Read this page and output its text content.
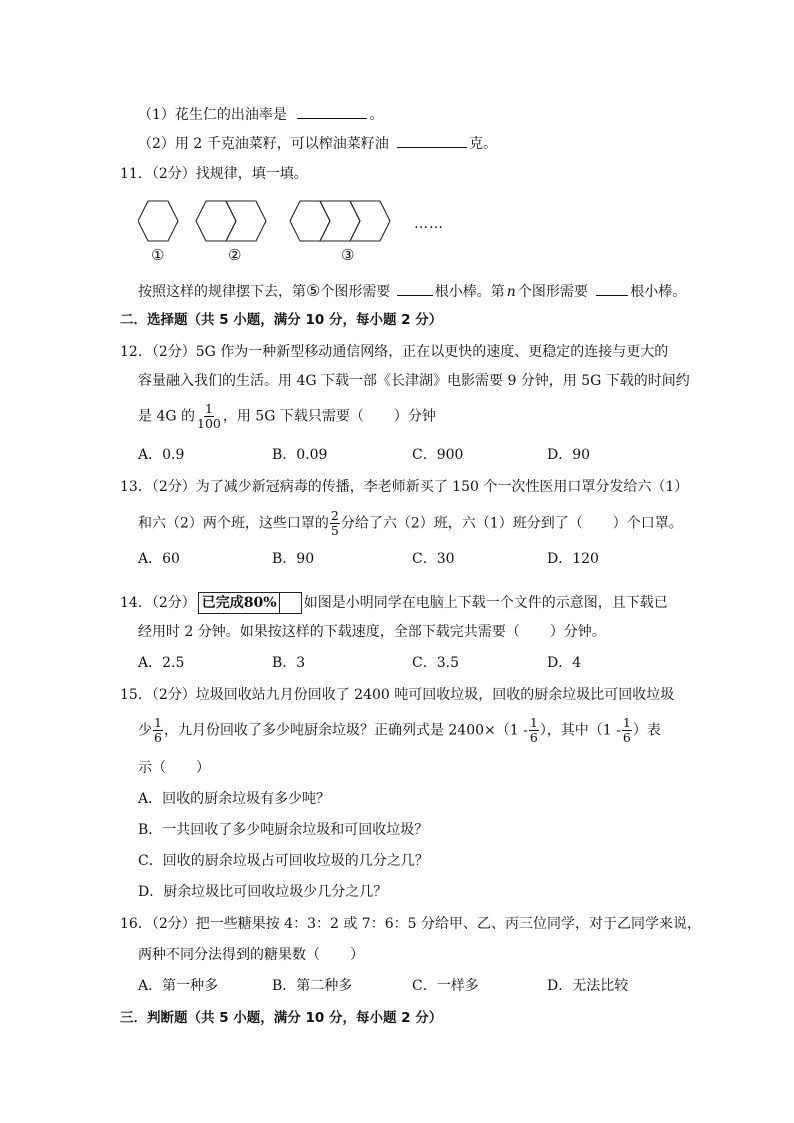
（1）花生仁的出油率是	。
（2）用 2 千克油菜籽，可以榨油菜籽油	克。
11．（2分）找规律，填一填。
……
①	②	③
按照这样的规律摆下去，第⑤个图形需要	根小棒。第 n 个图形需要	根小棒。
二．选择题（共 5 小题，满分 10 分，每小题 2 分）
12．（2分）5G 作为一种新型移动通信网络，正在以更快的速度、更稳定的连接与更大的
容量融入我们的生活。用 4G 下载一部《长津湖》电影需要 9 分钟，用 5G 下载的时间约
是 4G 的 $\frac{1}{100}$ ，用 5G 下载只需要（ ）分钟
A．0.9	B．0.09	C．900	D．90
13．（2分）为了减少新冠病毒的传播，李老师新买了 150 个一次性医用口罩分发给六（1）
和六（2）两个班，这些口罩的 $\frac{2}{5}$ 分给了六（2）班，六（1）班分到了（ ）个口罩。
A．60	B．90	C．30	D．120
14．（2分） 已完成80% 如图是小明同学在电脑上下载一个文件的示意图，且下载已
经用时 2 分钟。如果按这样的下载速度，全部下载完共需要（ ）分钟。
A．2.5	B．3	C．3.5	D．4
15．（2分）垃圾回收站九月份回收了 2400 吨可回收垃圾，回收的厨余垃圾比可回收垃圾
少 $\frac{1}{6}$ ，九月份回收了多少吨厨余垃圾？正确列式是 $2400\times(1 - \frac{1}{6}$ ），其中（$1 - \frac{1}{6}$ ）表
示（ ）
A．回收的厨余垃圾有多少吨？
B．一共回收了多少吨厨余垃圾和可回收垃圾？
C．回收的厨余垃圾占可回收垃圾的几分之几？
D．厨余垃圾比可回收垃圾少几分之几？
16．（2分）把一些糖果按 4：3：2 或 7：6：5 分给甲、乙、丙三位同学，对于乙同学来说，
两种不同分法得到的糖果数（ ）
A．第一种多	B．第二种多	C．一样多	D．无法比较
三．判断题（共 5 小题，满分 10 分，每小题 2 分）
